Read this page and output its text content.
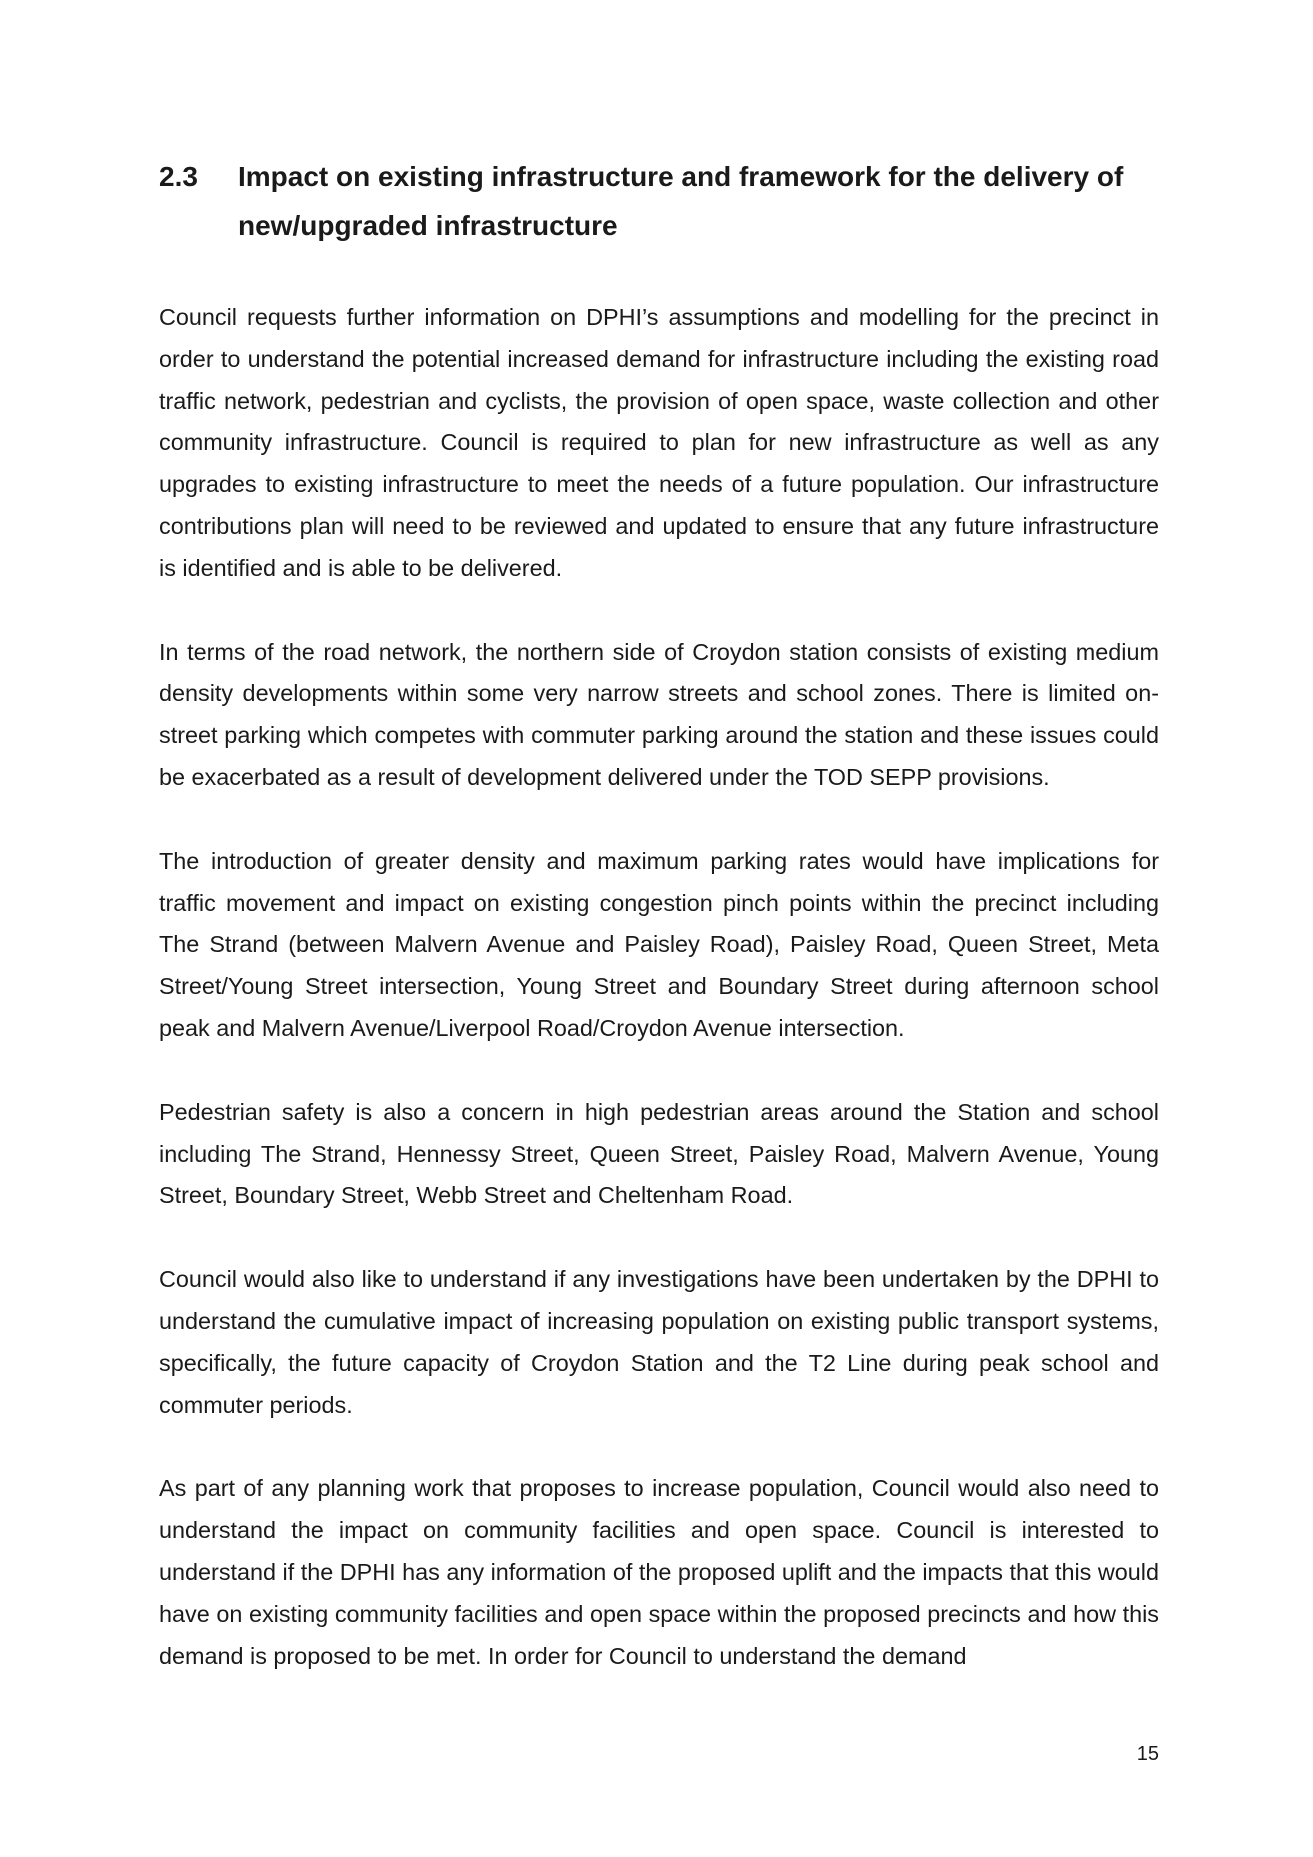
2.3	Impact on existing infrastructure and framework for the delivery of new/upgraded infrastructure

Council requests further information on DPHI’s assumptions and modelling for the precinct in order to understand the potential increased demand for infrastructure including the existing road traffic network, pedestrian and cyclists, the provision of open space, waste collection and other community infrastructure. Council is required to plan for new infrastructure as well as any upgrades to existing infrastructure to meet the needs of a future population. Our infrastructure contributions plan will need to be reviewed and updated to ensure that any future infrastructure is identified and is able to be delivered.

In terms of the road network, the northern side of Croydon station consists of existing medium density developments within some very narrow streets and school zones. There is limited on-street parking which competes with commuter parking around the station and these issues could be exacerbated as a result of development delivered under the TOD SEPP provisions.

The introduction of greater density and maximum parking rates would have implications for traffic movement and impact on existing congestion pinch points within the precinct including The Strand (between Malvern Avenue and Paisley Road), Paisley Road, Queen Street, Meta Street/Young Street intersection, Young Street and Boundary Street during afternoon school peak and Malvern Avenue/Liverpool Road/Croydon Avenue intersection.

Pedestrian safety is also a concern in high pedestrian areas around the Station and school including The Strand, Hennessy Street, Queen Street, Paisley Road, Malvern Avenue, Young Street, Boundary Street, Webb Street and Cheltenham Road.

Council would also like to understand if any investigations have been undertaken by the DPHI to understand the cumulative impact of increasing population on existing public transport systems, specifically, the future capacity of Croydon Station and the T2 Line during peak school and commuter periods.

As part of any planning work that proposes to increase population, Council would also need to understand the impact on community facilities and open space. Council is interested to understand if the DPHI has any information of the proposed uplift and the impacts that this would have on existing community facilities and open space within the proposed precincts and how this demand is proposed to be met. In order for Council to understand the demand

15
